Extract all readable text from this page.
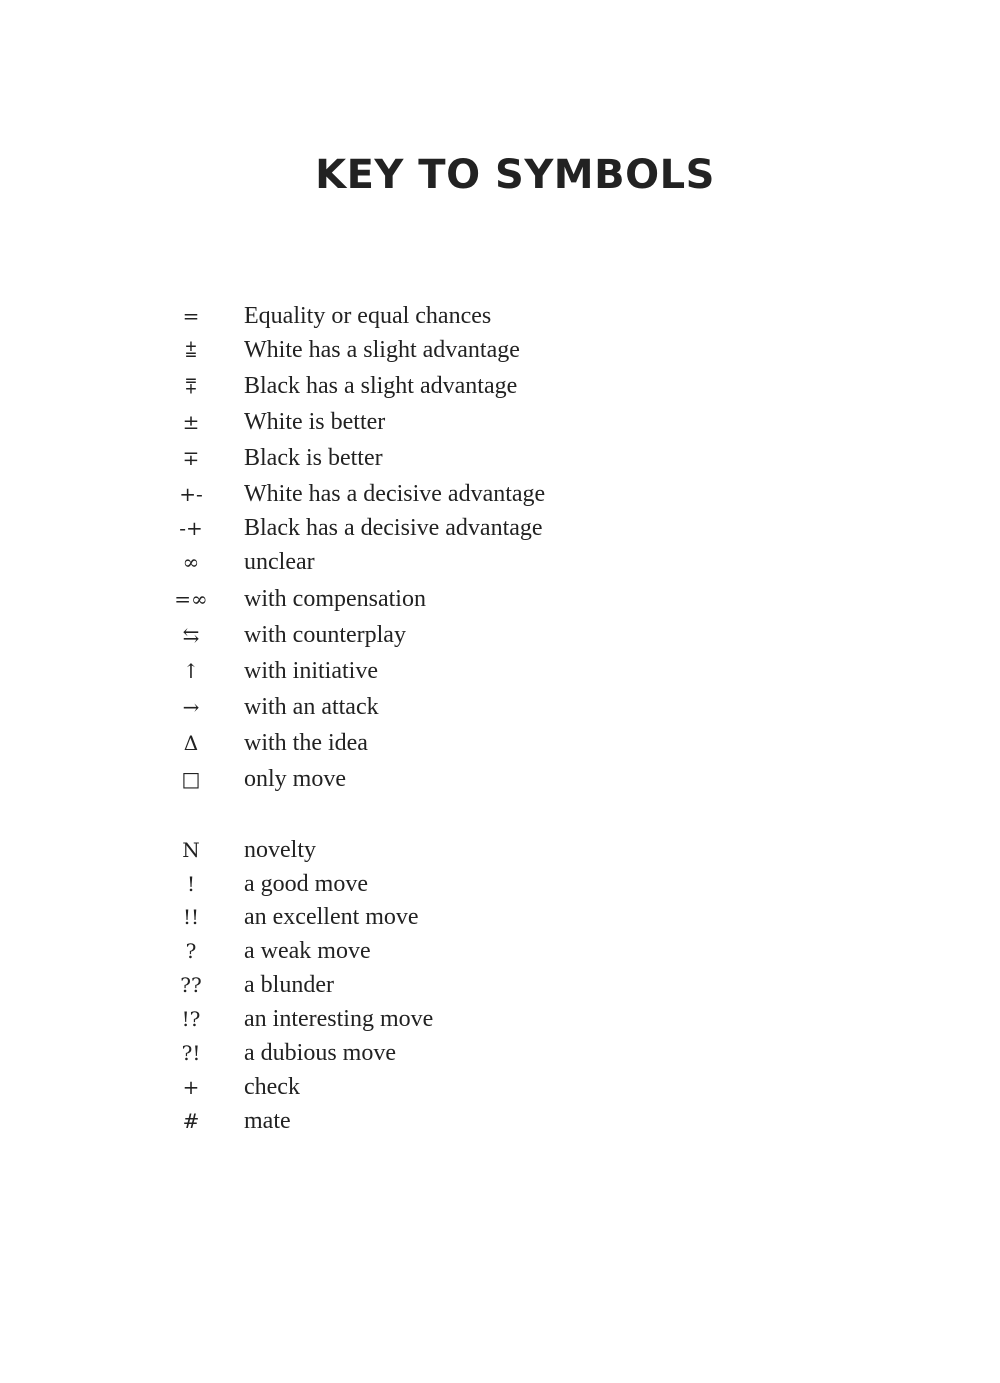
KEY TO SYMBOLS
=	Equality or equal chances
⩲	White has a slight advantage
⩱	Black has a slight advantage
±	White is better
∓	Black is better
+-	White has a decisive advantage
-+	Black has a decisive advantage
∞	unclear
=∞	with compensation
⇆	with counterplay
↑	with initiative
→	with an attack
Δ	with the idea
□	only move
N	novelty
!	a good move
!!	an excellent move
?	a weak move
??	a blunder
!?	an interesting move
?!	a dubious move
+	check
#	mate
